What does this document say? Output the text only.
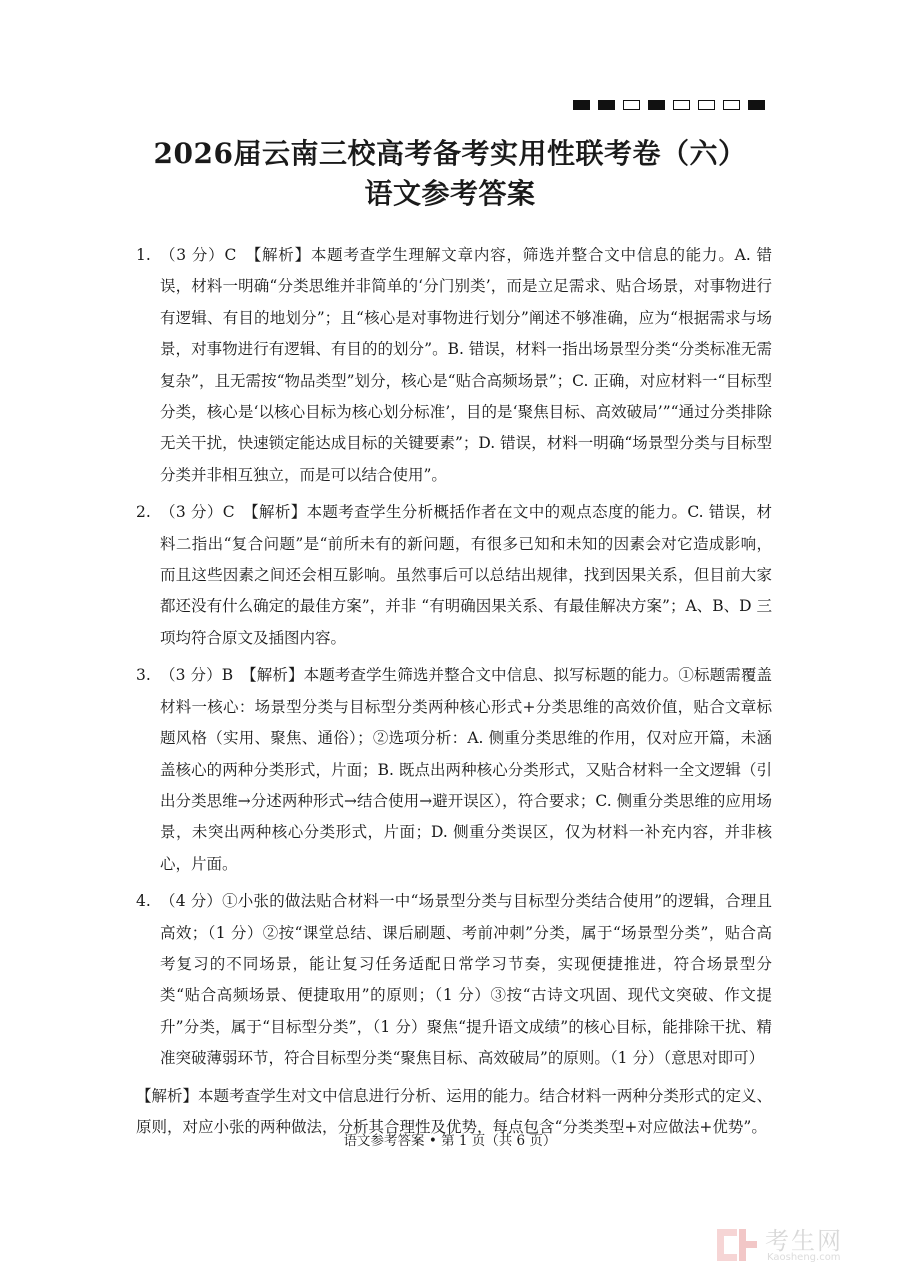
2026届云南三校高考备考实用性联考卷（六）
语文参考答案
1. （3 分）C　【解析】本题考查学生理解文章内容，筛选并整合文中信息的能力。A. 错误，材料一明确“分类思维并非简单的‘分门别类’，而是立足需求、贴合场景，对事物进行有逻辑、有目的地划分”；且“核心是对事物进行划分”阐述不够准确，应为“根据需求与场景，对事物进行有逻辑、有目的的划分”。B. 错误，材料一指出场景型分类“分类标准无需复杂”，且无需按“物品类型”划分，核心是“贴合高频场景”；C. 正确，对应材料一“目标型分类，核心是‘以核心目标为核心划分标准’，目的是‘聚焦目标、高效破局’”“通过分类排除无关干扰，快速锁定能达成目标的关键要素”；D. 错误，材料一明确“场景型分类与目标型分类并非相互独立，而是可以结合使用”。

2. （3 分）C　【解析】本题考查学生分析概括作者在文中的观点态度的能力。C. 错误，材料二指出“复合问题”是“前所未有的新问题，有很多已知和未知的因素会对它造成影响，而且这些因素之间还会相互影响。虽然事后可以总结出规律，找到因果关系，但目前大家都还没有什么确定的最佳方案”，并非 “有明确因果关系、有最佳解决方案”；A、B、D 三项均符合原文及插图内容。

3. （3 分）B　【解析】本题考查学生筛选并整合文中信息、拟写标题的能力。①标题需覆盖材料一核心：场景型分类与目标型分类两种核心形式+分类思维的高效价值，贴合文章标题风格（实用、聚焦、通俗）；②选项分析：A. 侧重分类思维的作用，仅对应开篇，未涵盖核心的两种分类形式，片面；B. 既点出两种核心分类形式，又贴合材料一全文逻辑（引出分类思维→分述两种形式→结合使用→避开误区），符合要求；C. 侧重分类思维的应用场景，未突出两种核心分类形式，片面；D. 侧重分类误区，仅为材料一补充内容，并非核心，片面。

4. （4 分）①小张的做法贴合材料一中“场景型分类与目标型分类结合使用”的逻辑，合理且高效；（1 分）②按“课堂总结、课后刷题、考前冲刺”分类，属于“场景型分类”，贴合高考复习的不同场景，能让复习任务适配日常学习节奏，实现便捷推进，符合场景型分类“贴合高频场景、便捷取用”的原则；（1 分）③按“古诗文巩固、现代文突破、作文提升”分类，属于“目标型分类”，（1 分）聚焦“提升语文成绩”的核心目标，能排除干扰、精准突破薄弱环节，符合目标型分类“聚焦目标、高效破局”的原则。（1 分）（意思对即可）

【解析】本题考查学生对文中信息进行分析、运用的能力。结合材料一两种分类形式的定义、原则，对应小张的两种做法，分析其合理性及优势，每点包含“分类类型+对应做法+优势”。

语文参考答案 • 第 1 页（共 6 页）
考生网
Kaosheng.com
